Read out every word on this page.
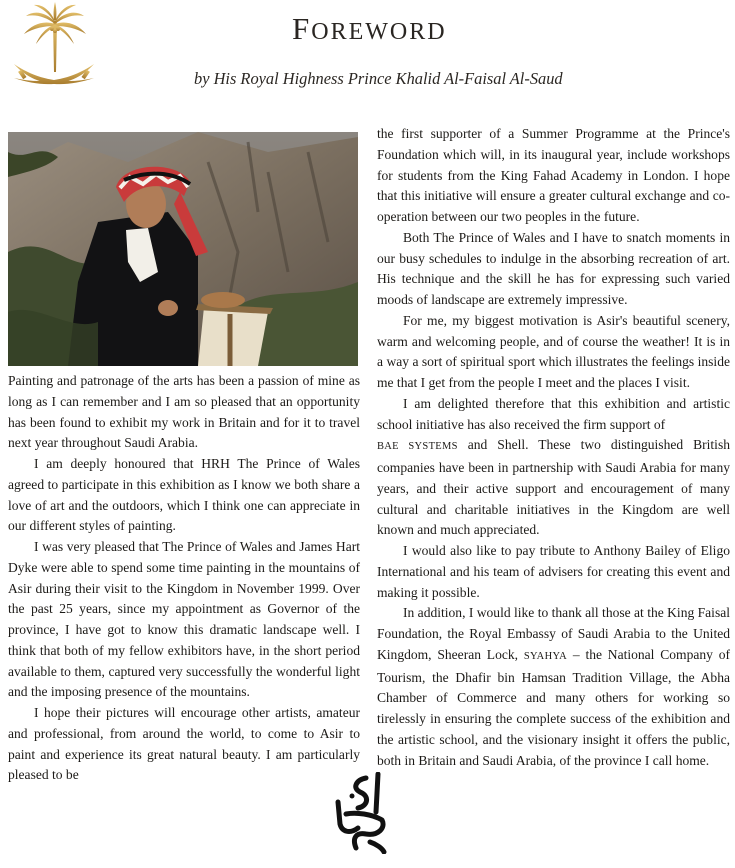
FOREWORD

by His Royal Highness Prince Khalid Al-Faisal Al-Saud

Painting and patronage of the arts has been a passion of mine as long as I can remember and I am so pleased that an opportunity has been found to exhibit my work in Britain and for it to travel next year throughout Saudi Arabia.

I am deeply honoured that HRH The Prince of Wales agreed to participate in this exhibition as I know we both share a love of art and the outdoors, which I think one can appreciate in our different styles of painting.

I was very pleased that The Prince of Wales and James Hart Dyke were able to spend some time painting in the mountains of Asir during their visit to the Kingdom in November 1999. Over the past 25 years, since my appointment as Governor of the province, I have got to know this dramatic landscape well. I think that both of my fellow exhibitors have, in the short period available to them, captured very successfully the wonderful light and the imposing presence of the mountains.

I hope their pictures will encourage other artists, amateur and professional, from around the world, to come to Asir to paint and experience its great natural beauty. I am particularly pleased to be

the first supporter of a Summer Programme at the Prince's Foundation which will, in its inaugural year, include workshops for students from the King Fahad Academy in London. I hope that this initiative will ensure a greater cultural exchange and co-operation between our two peoples in the future.

Both The Prince of Wales and I have to snatch moments in our busy schedules to indulge in the absorbing recreation of art. His technique and the skill he has for expressing such varied moods of landscape are extremely impressive.

For me, my biggest motivation is Asir's beautiful scenery, warm and welcoming people, and of course the weather! It is in a way a sort of spiritual sport which illustrates the feelings inside me that I get from the people I meet and the places I visit.

I am delighted therefore that this exhibition and artistic school initiative has also received the firm support of
BAE SYSTEMS and Shell. These two distinguished British companies have been in partnership with Saudi Arabia for many years, and their active support and encouragement of many cultural and charitable initiatives in the Kingdom are well known and much appreciated.

I would also like to pay tribute to Anthony Bailey of Eligo International and his team of advisers for creating this event and making it possible.

In addition, I would like to thank all those at the King Faisal Foundation, the Royal Embassy of Saudi Arabia to the United Kingdom, Sheeran Lock, SYAHYA – the National Company of Tourism, the Dhafir bin Hamsan Tradition Village, the Abha Chamber of Commerce and many others for working so tirelessly in ensuring the complete success of the exhibition and the artistic school, and the visionary insight it offers the public, both in Britain and Saudi Arabia, of the province I call home.
